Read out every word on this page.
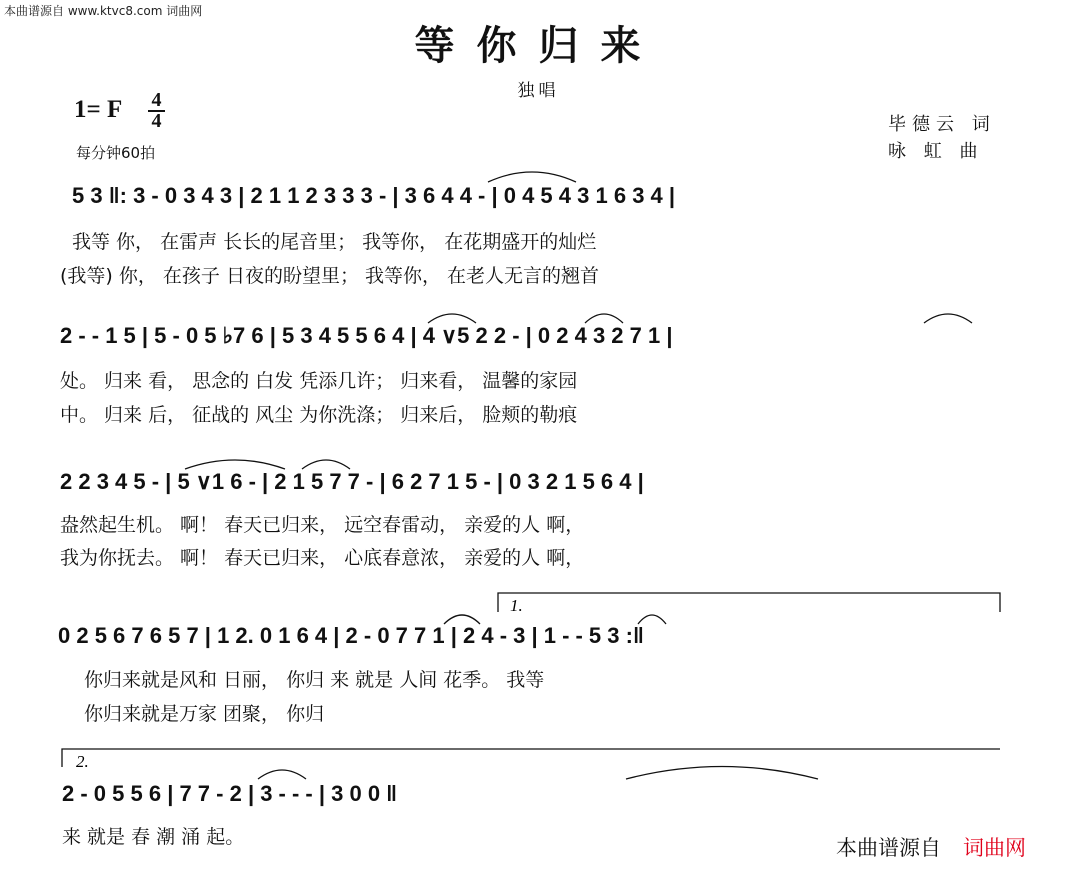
本曲谱源自 www.ktvc8.com 词曲网
等你归来
独唱
1= F 4
4
每分钟60拍
毕德云 词
咏 虹 曲
5 3 ‖: 3 - 0 3 4 3 | 2 1 1 2 3 3 3 - | 3 6 4 4 - | 0 4 5 4 3 1 6 3 4 |
2 - - 1 5 | 5 - 0 5 ♭7 6 | 5 3 4 5 5 6 4 | 4 ∨5 2 2 - | 0 2 4 3 2 7 1 |
2 2 3 4 5 - | 5 ∨1 6 - | 2 1 5 7 7 - | 6 2 7 1 5 - | 0 3 2 1 5 6 4 |
0 2 5 6 7 6 5 7 | 1 2. 0 1 6 4 | 2 - 0 7 7 1 | 2 4 - 3 | 1 - - 5 3 :‖
2 - 0 5 5 6 | 7 7 - 2 | 3 - - - | 3 0 0 ‖
1.
2.
我等 你， 在雷声 长长的尾音里； 我等你， 在花期盛开的灿烂
(我等) 你， 在孩子 日夜的盼望里； 我等你， 在老人无言的翘首
处。 归来 看， 思念的 白发 凭添几许； 归来看， 温馨的家园
中。 归来 后， 征战的 风尘 为你洗涤； 归来后， 脸颊的勒痕
盎然起生机。 啊！ 春天已归来， 远空春雷动， 亲爱的人 啊，
我为你抚去。 啊！ 春天已归来， 心底春意浓， 亲爱的人 啊，
你归来就是风和 日丽， 你归 来 就是 人间 花季。 我等
你归来就是万家 团聚， 你归
来 就是 春 潮 涌 起。	本曲谱源自 词曲网
